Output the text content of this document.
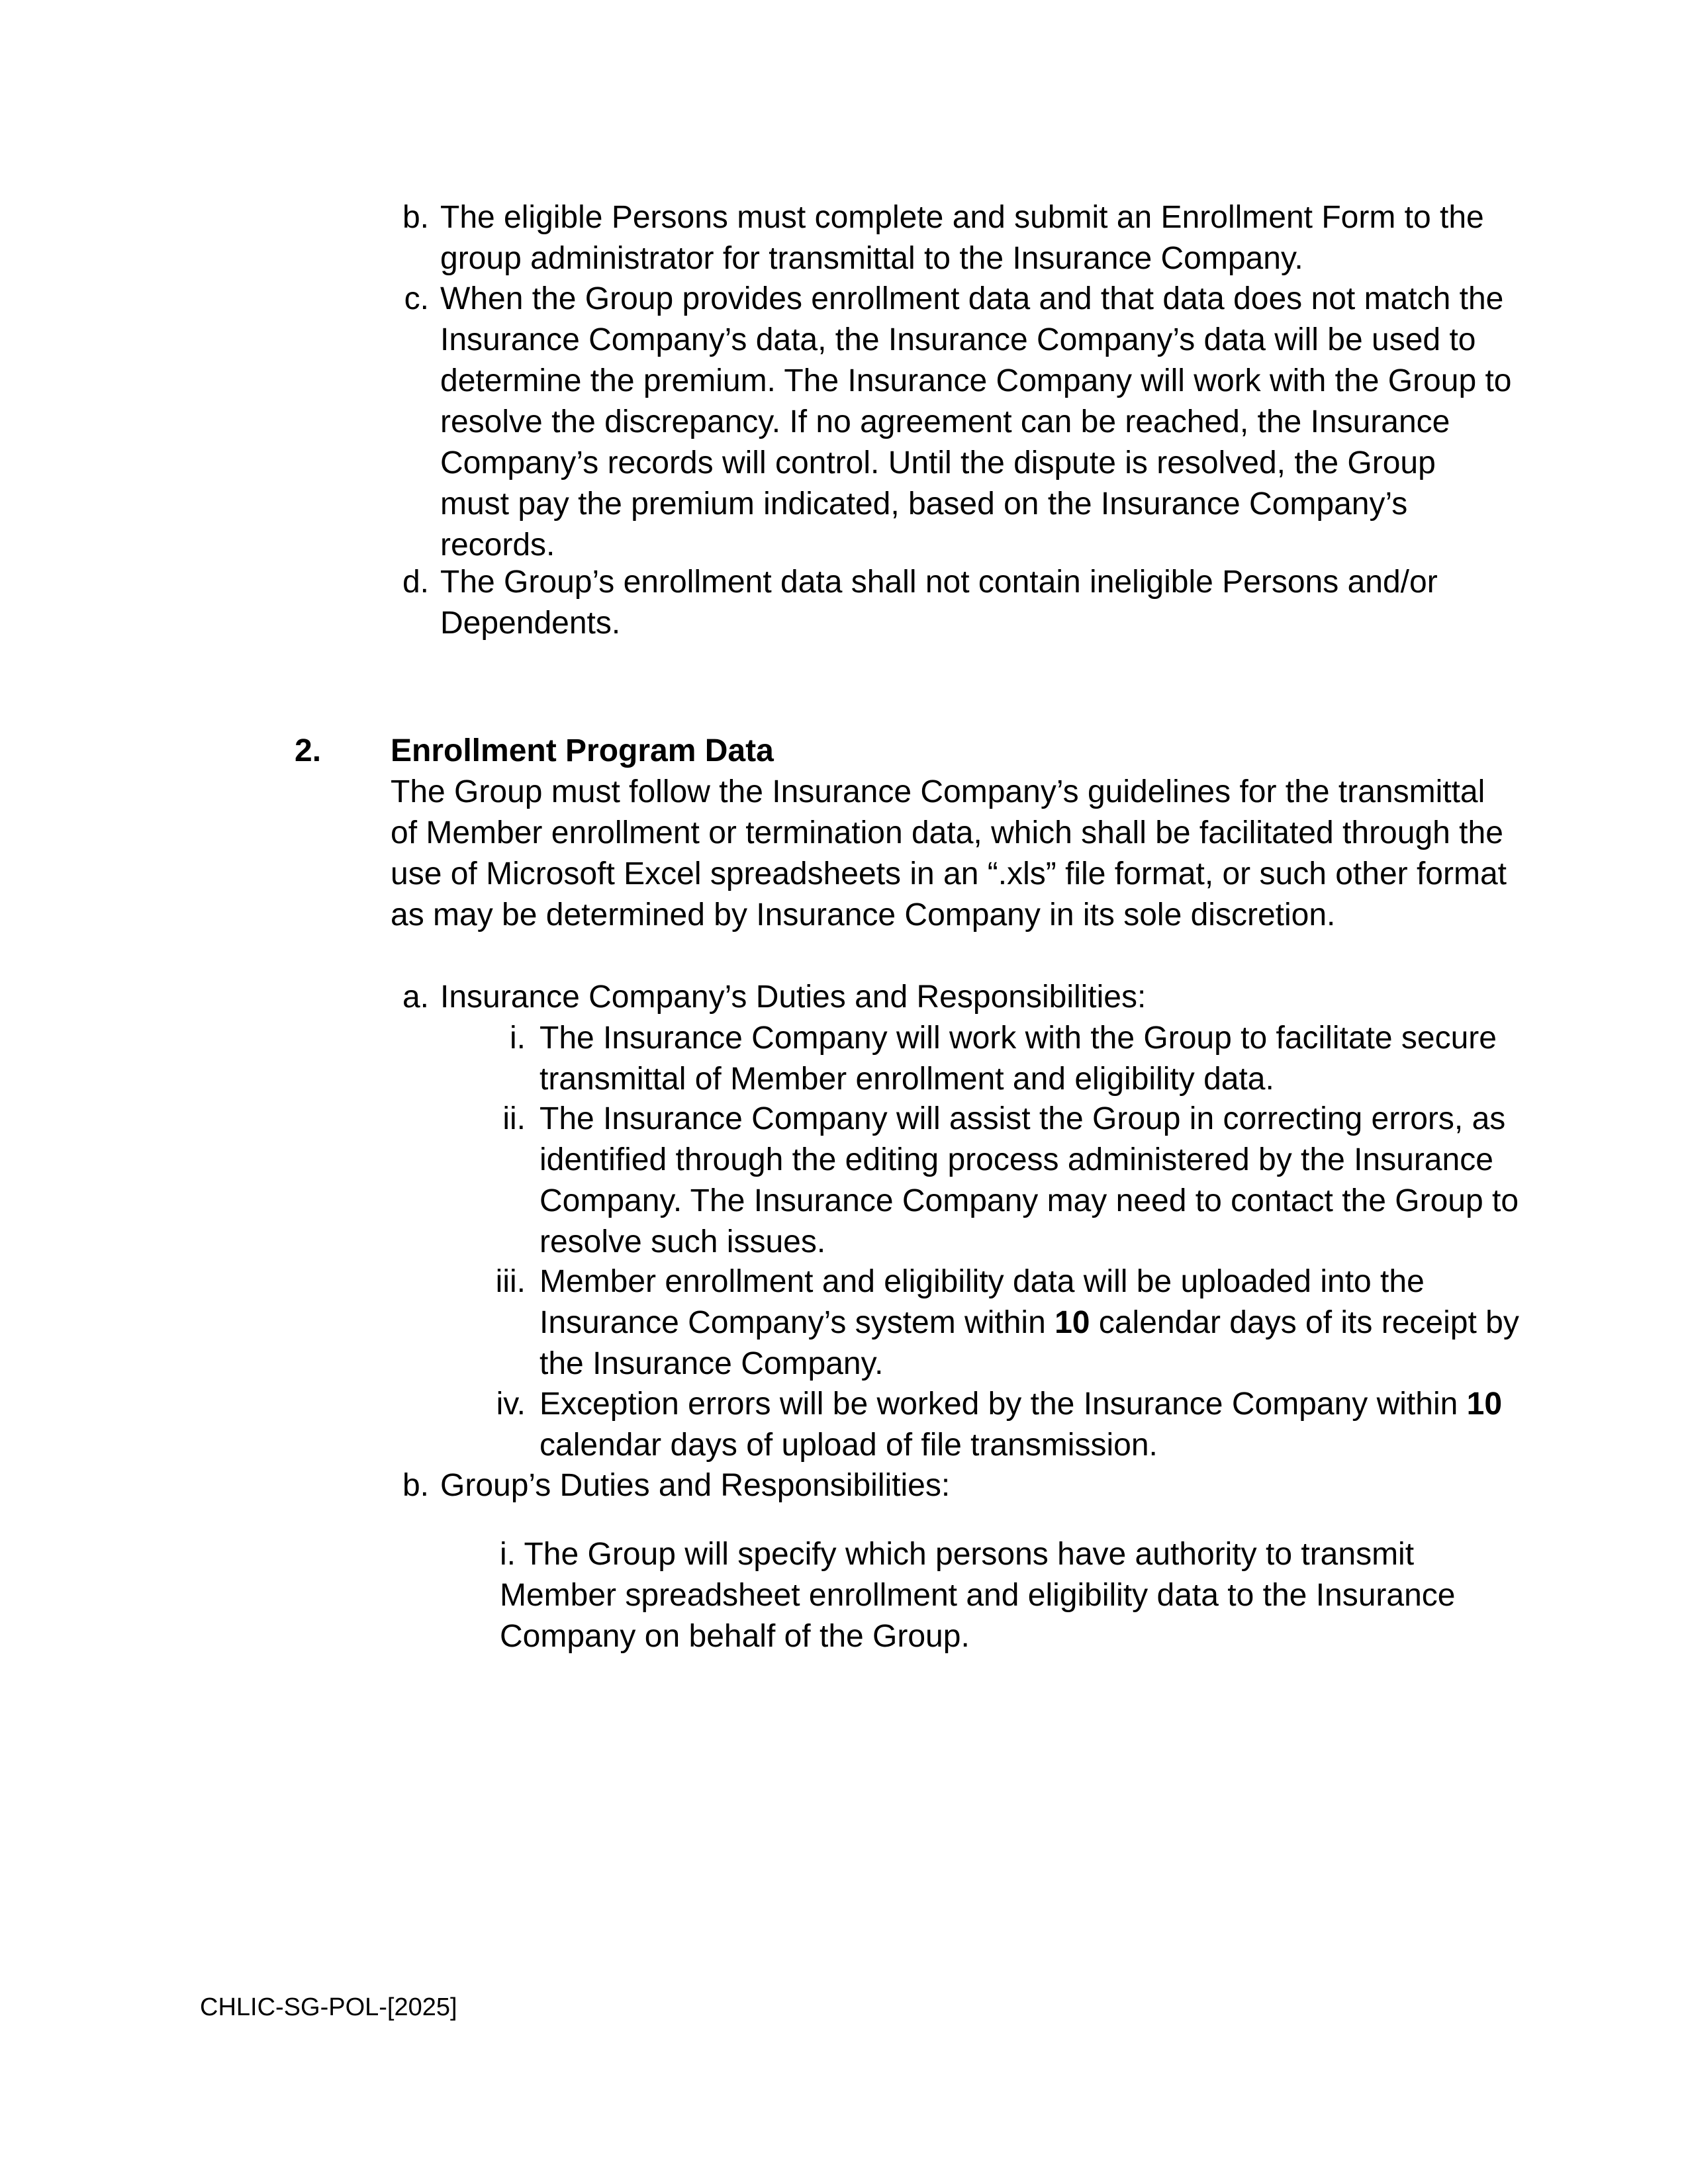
b. The eligible Persons must complete and submit an Enrollment Form to the group administrator for transmittal to the Insurance Company.
c. When the Group provides enrollment data and that data does not match the Insurance Company’s data, the Insurance Company’s data will be used to determine the premium. The Insurance Company will work with the Group to resolve the discrepancy. If no agreement can be reached, the Insurance Company’s records will control. Until the dispute is resolved, the Group must pay the premium indicated, based on the Insurance Company’s records.
d. The Group’s enrollment data shall not contain ineligible Persons and/or Dependents.
2. Enrollment Program Data
The Group must follow the Insurance Company’s guidelines for the transmittal of Member enrollment or termination data, which shall be facilitated through the use of Microsoft Excel spreadsheets in an “.xls” file format, or such other format as may be determined by Insurance Company in its sole discretion.
a. Insurance Company’s Duties and Responsibilities:
i. The Insurance Company will work with the Group to facilitate secure transmittal of Member enrollment and eligibility data.
ii. The Insurance Company will assist the Group in correcting errors, as identified through the editing process administered by the Insurance Company. The Insurance Company may need to contact the Group to resolve such issues.
iii. Member enrollment and eligibility data will be uploaded into the Insurance Company’s system within 10 calendar days of its receipt by the Insurance Company.
iv. Exception errors will be worked by the Insurance Company within 10 calendar days of upload of file transmission.
b. Group’s Duties and Responsibilities:
i. The Group will specify which persons have authority to transmit Member spreadsheet enrollment and eligibility data to the Insurance Company on behalf of the Group.
CHLIC-SG-POL-[2025]
